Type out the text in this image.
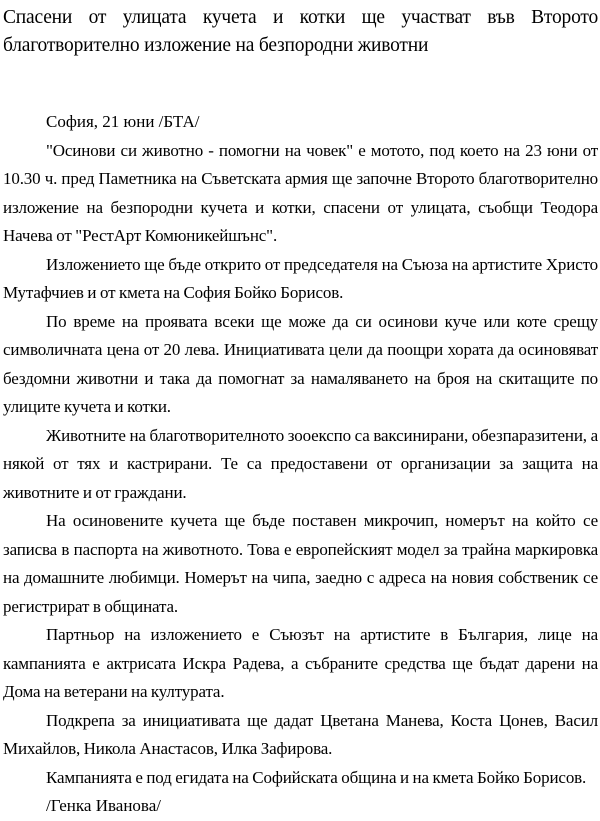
Спасени от улицата кучета и котки ще участват във Второто благотворително изложение на безпородни животни

София, 21 юни /БТА/

"Осинови си животно - помогни на човек" е мотото, под което на 23 юни от 10.30 ч. пред Паметника на Съветската армия ще започне Второто благотворително изложение на безпородни кучета и котки, спасени от улицата, съобщи Теодора Начева от "РестАрт Комюникейшънс".

Изложението ще бъде открито от председателя на Съюза на артистите Христо Мутафчиев и от кмета на София Бойко Борисов.

По време на проявата всеки ще може да си осинови куче или коте срещу символичната цена от 20 лева. Инициативата цели да поощри хората да осиновяват бездомни животни и така да помогнат за намаляването на броя на скитащите по улиците кучета и котки.

Животните на благотворителното зооекспо са ваксинирани, обезпаразитени, а някой от тях и кастрирани. Те са предоставени от организации за защита на животните и от граждани.

На осиновените кучета ще бъде поставен микрочип, номерът на който се записва в паспорта на животното. Това е европейският модел за трайна маркировка на домашните любимци. Номерът на чипа, заедно с адреса на новия собственик се регистрират в общината.

Партньор на изложението е Съюзът на артистите в България, лице на кампанията е актрисата Искра Радева, а събраните средства ще бъдат дарени на Дома на ветерани на културата.

Подкрепа за инициативата ще дадат Цветана Манева, Коста Цонев, Васил Михайлов, Никола Анастасов, Илка Зафирова.

Кампанията е под егидата на Софийската община и на кмета Бойко Борисов.

/Генка Иванова/
